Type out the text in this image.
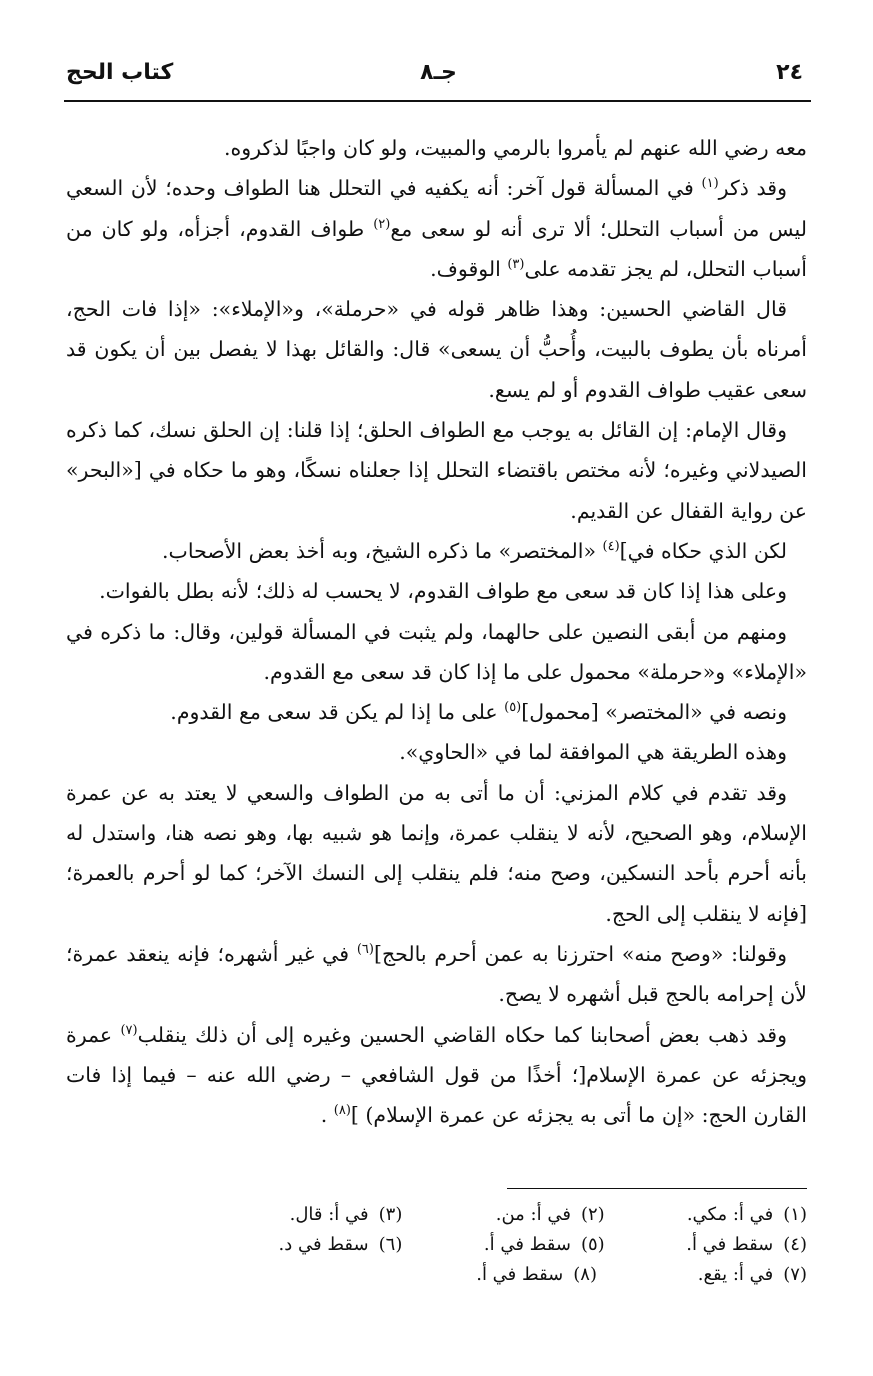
٢٤
جـ٨
كتاب الحج

معه رضي الله عنهم لم يأمروا بالرمي والمبيت، ولو كان واجبًا لذكروه.

وقد ذكر$^{(١)}$ في المسألة قول آخر: أنه يكفيه في التحلل هنا الطواف وحده؛ لأن السعي ليس من أسباب التحلل؛ ألا ترى أنه لو سعى مع$^{(٢)}$ طواف القدوم، أجزأه، ولو كان من أسباب التحلل، لم يجز تقدمه على$^{(٣)}$ الوقوف.

قال القاضي الحسين: وهذا ظاهر قوله في «حرملة»، و«الإملاء»: «إذا فات الحج، أمرناه بأن يطوف بالبيت، وأُحبُّ أن يسعى» قال: والقائل بهذا لا يفصل بين أن يكون قد سعى عقيب طواف القدوم أو لم يسع.

وقال الإمام: إن القائل به يوجب مع الطواف الحلق؛ إذا قلنا: إن الحلق نسك، كما ذكره الصيدلاني وغيره؛ لأنه مختص باقتضاء التحلل إذا جعلناه نسكًا، وهو ما حكاه في [«البحر» عن رواية القفال عن القديم.

لكن الذي حكاه في]$^{(٤)}$ «المختصر» ما ذكره الشيخ، وبه أخذ بعض الأصحاب.

وعلى هذا إذا كان قد سعى مع طواف القدوم، لا يحسب له ذلك؛ لأنه بطل بالفوات.

ومنهم من أبقى النصين على حالهما، ولم يثبت في المسألة قولين، وقال: ما ذكره في «الإملاء» و«حرملة» محمول على ما إذا كان قد سعى مع القدوم.

ونصه في «المختصر» [محمول]$^{(٥)}$ على ما إذا لم يكن قد سعى مع القدوم.

وهذه الطريقة هي الموافقة لما في «الحاوي».

وقد تقدم في كلام المزني: أن ما أتى به من الطواف والسعي لا يعتد به عن عمرة الإسلام، وهو الصحيح، لأنه لا ينقلب عمرة، وإنما هو شبيه بها، وهو نصه هنا، واستدل له بأنه أحرم بأحد النسكين، وصح منه؛ فلم ينقلب إلى النسك الآخر؛ كما لو أحرم بالعمرة؛ [فإنه لا ينقلب إلى الحج.

وقولنا: «وصح منه» احترزنا به عمن أحرم بالحج]$^{(٦)}$ في غير أشهره؛ فإنه ينعقد عمرة؛ لأن إحرامه بالحج قبل أشهره لا يصح.

وقد ذهب بعض أصحابنا كما حكاه القاضي الحسين وغيره إلى أن ذلك ينقلب$^{(٧)}$ عمرة ويجزئه عن عمرة الإسلام[؛ أخذًا من قول الشافعي – رضي الله عنه – فيما إذا فات القارن الحج: «إن ما أتى به يجزئه عن عمرة الإسلام) ]$^{(٨)}$ .

(١)في أ: مكي.
(٢)في أ: من.
(٣)في أ: قال.
(٤)سقط في أ.
(٥)سقط في أ.
(٦)سقط في د.
(٧)في أ: يقع.
(٨)سقط في أ.
